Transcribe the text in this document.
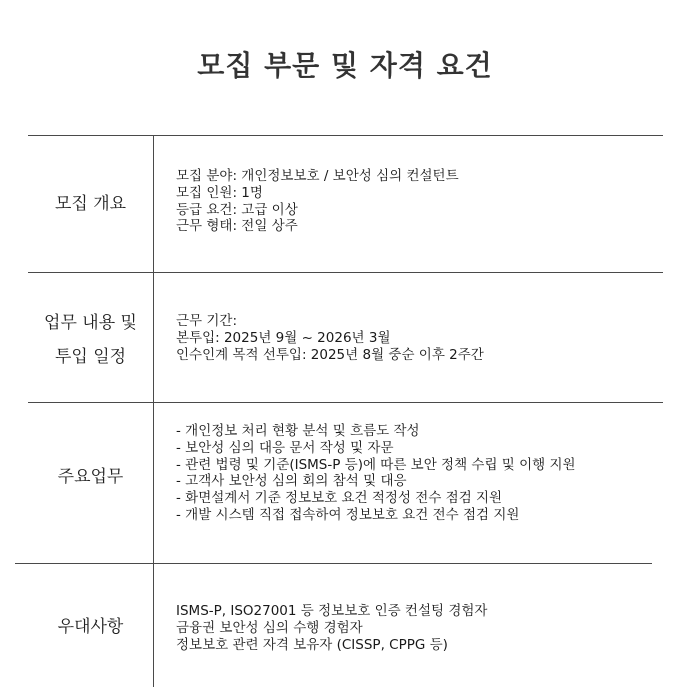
모집 부문 및 자격 요건
모집 개요
모집 분야: 개인정보보호 / 보안성 심의 컨설턴트
모집 인원: 1명
등급 요건: 고급 이상
근무 형태: 전일 상주
업무 내용 및
투입 일정
근무 기간:
본투입: 2025년 9월 ~ 2026년 3월
인수인계 목적 선투입: 2025년 8월 중순 이후 2주간
주요업무
- 개인정보 처리 현황 분석 및 흐름도 작성
- 보안성 심의 대응 문서 작성 및 자문
- 관련 법령 및 기준(ISMS-P 등)에 따른 보안 정책 수립 및 이행 지원
- 고객사 보안성 심의 회의 참석 및 대응
- 화면설계서 기준 정보보호 요건 적정성 전수 점검 지원
- 개발 시스템 직접 접속하여 정보보호 요건 전수 점검 지원
우대사항
ISMS-P, ISO27001 등 정보보호 인증 컨설팅 경험자
금융권 보안성 심의 수행 경험자
정보보호 관련 자격 보유자 (CISSP, CPPG 등)
